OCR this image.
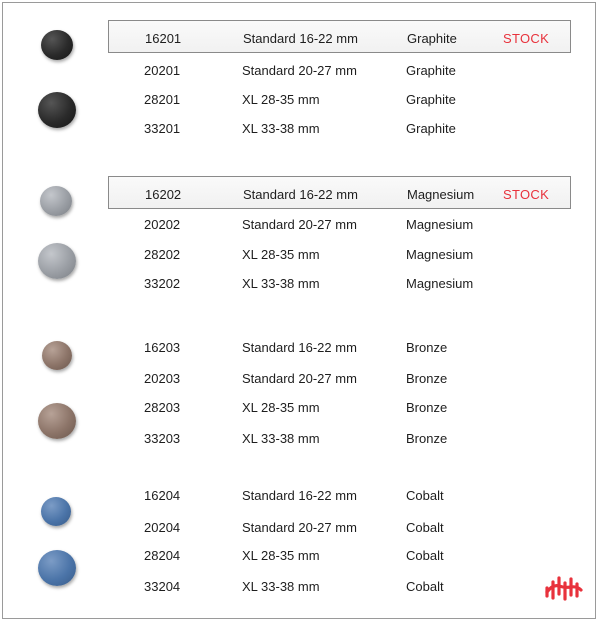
16201	Standard 16-22 mm	Graphite	STOCK
20201	Standard 20-27 mm	Graphite
28201	XL 28-35 mm	Graphite
33201	XL 33-38 mm	Graphite
16202	Standard 16-22 mm	Magnesium STOCK
20202	Standard 20-27 mm	Magnesium
28202	XL 28-35 mm	Magnesium
33202	XL 33-38 mm	Magnesium
16203	Standard 16-22 mm	Bronze
20203	Standard 20-27 mm	Bronze
28203	XL 28-35 mm	Bronze
33203	XL 33-38 mm	Bronze
16204	Standard 16-22 mm	Cobalt
20204	Standard 20-27 mm	Cobalt
28204	XL 28-35 mm	Cobalt
33204	XL 33-38 mm	Cobalt
